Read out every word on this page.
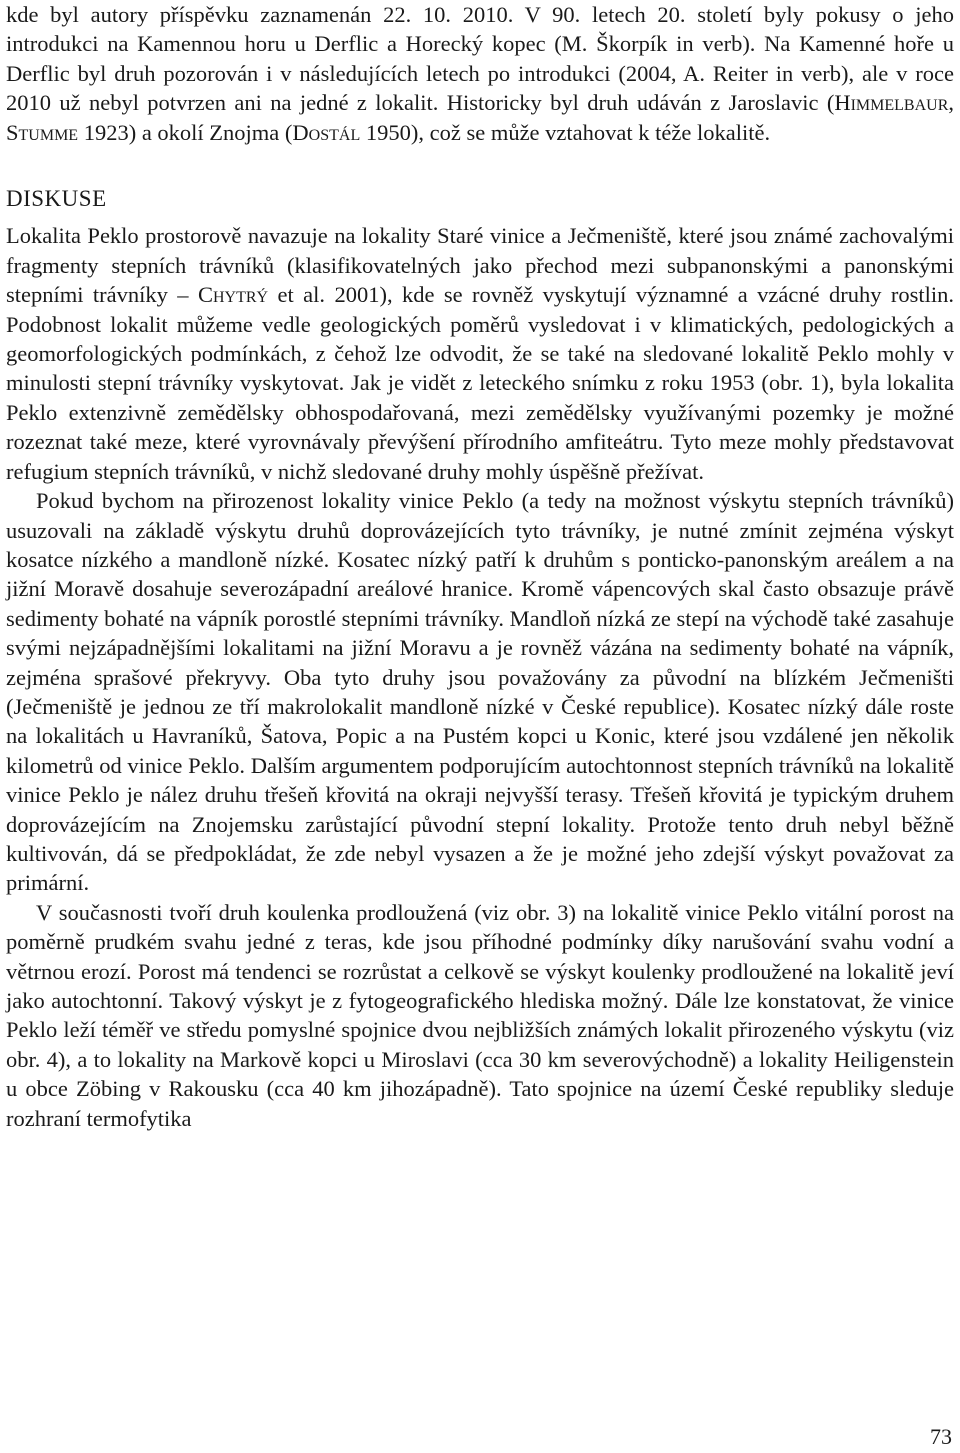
kde byl autory příspěvku zaznamenán 22. 10. 2010. V 90. letech 20. století byly pokusy o jeho introdukci na Kamennou horu u Derflic a Horecký kopec (M. Škorpík in verb). Na Kamenné hoře u Derflic byl druh pozorován i v následujících letech po introdukci (2004, A. Reiter in verb), ale v roce 2010 už nebyl potvrzen ani na jedné z lokalit. Historicky byl druh udáván z Jaroslavic (Himmelbaur, Stumme 1923) a okolí Znojma (Dostál 1950), což se může vztahovat k téže lokalitě.

DISKUSE

Lokalita Peklo prostorově navazuje na lokality Staré vinice a Ječmeniště, které jsou známé zachovalými fragmenty stepních trávníků (klasifikovatelných jako přechod mezi subpanonskými a panonskými stepními trávníky – Chytrý et al. 2001), kde se rovněž vyskytují významné a vzácné druhy rostlin. Podobnost lokalit můžeme vedle geologických poměrů vysledovat i v klimatických, pedologických a geomorfologických podmínkách, z čehož lze odvodit, že se také na sledované lokalitě Peklo mohly v minulosti stepní trávníky vyskytovat. Jak je vidět z leteckého snímku z roku 1953 (obr. 1), byla lokalita Peklo extenzivně zemědělsky obhospodařovaná, mezi zemědělsky využívanými pozemky je možné rozeznat také meze, které vyrovnávaly převýšení přírodního amfiteátru. Tyto meze mohly představovat refugium stepních trávníků, v nichž sledované druhy mohly úspěšně přežívat.

Pokud bychom na přirozenost lokality vinice Peklo (a tedy na možnost výskytu stepních trávníků) usuzovali na základě výskytu druhů doprovázejících tyto trávníky, je nutné zmínit zejména výskyt kosatce nízkého a mandloně nízké. Kosatec nízký patří k druhům s ponticko-panonským areálem a na jižní Moravě dosahuje severozápadní areálové hranice. Kromě vápencových skal často obsazuje právě sedimenty bohaté na vápník porostlé stepními trávníky. Mandloň nízká ze stepí na východě také zasahuje svými nejzápadnějšími lokalitami na jižní Moravu a je rovněž vázána na sedimenty bohaté na vápník, zejména sprašové překryvy. Oba tyto druhy jsou považovány za původní na blízkém Ječmeništi (Ječmeniště je jednou ze tří makrolokalit mandloně nízké v České republice). Kosatec nízký dále roste na lokalitách u Havraníků, Šatova, Popic a na Pustém kopci u Konic, které jsou vzdálené jen několik kilometrů od vinice Peklo. Dalším argumentem podporujícím autochtonnost stepních trávníků na lokalitě vinice Peklo je nález druhu třešeň křovitá na okraji nejvyšší terasy. Třešeň křovitá je typickým druhem doprovázejícím na Znojemsku zarůstající původní stepní lokality. Protože tento druh nebyl běžně kultivován, dá se předpokládat, že zde nebyl vysazen a že je možné jeho zdejší výskyt považovat za primární.

V současnosti tvoří druh koulenka prodloužená (viz obr. 3) na lokalitě vinice Peklo vitální porost na poměrně prudkém svahu jedné z teras, kde jsou příhodné podmínky díky narušování svahu vodní a větrnou erozí. Porost má tendenci se rozrůstat a celkově se výskyt koulenky prodloužené na lokalitě jeví jako autochtonní. Takový výskyt je z fytogeografického hlediska možný. Dále lze konstatovat, že vinice Peklo leží téměř ve středu pomyslné spojnice dvou nejbližších známých lokalit přirozeného výskytu (viz obr. 4), a to lokality na Markově kopci u Miroslavi (cca 30 km severovýchodně) a lokality Heiligenstein u obce Zöbing v Rakousku (cca 40 km jihozápadně). Tato spojnice na území České republiky sleduje rozhraní termofytika

73
